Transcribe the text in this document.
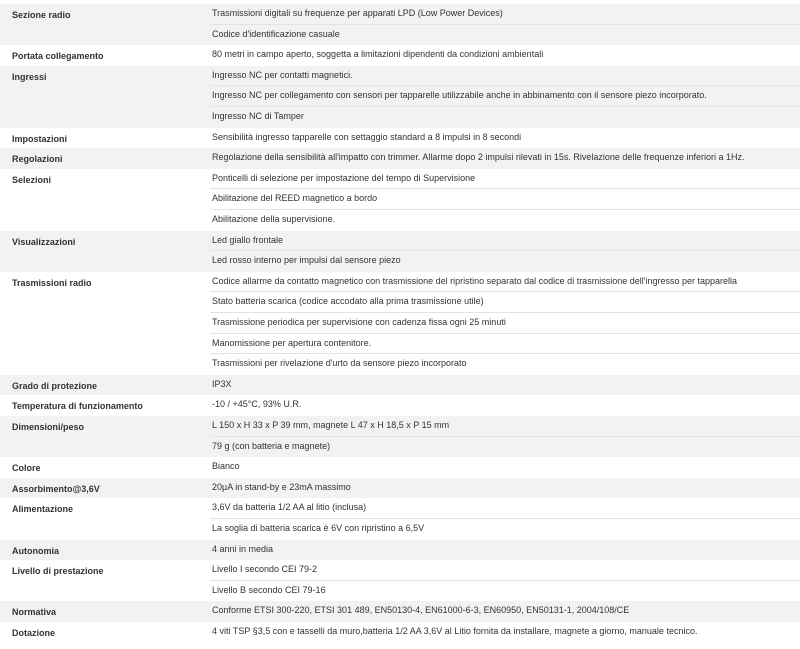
Sezione radio	Trasmissioni digitali su frequenze per apparati LPD (Low Power Devices)
Codice d'identificazione casuale
Portata collegamento	80 metri in campo aperto, soggetta a limitazioni dipendenti da condizioni ambientali
Ingressi	Ingresso NC per contatti magnetici.
Ingresso NC per collegamento con sensori per tapparelle utilizzabile anche in abbinamento con il sensore piezo incorporato.
Ingresso NC di Tamper
Impostazioni	Sensibilità ingresso tapparelle con settaggio standard a 8 impulsi in 8 secondi
Regolazioni	Regolazione della sensibilità all'impatto con trimmer. Allarme dopo 2 impulsi rilevati in 15s. Rivelazione delle frequenze inferiori a 1Hz.
Selezioni	Ponticelli di selezione per impostazione del tempo di Supervisione
Abilitazione del REED magnetico a bordo
Abilitazione della supervisione.
Visualizzazioni	Led giallo frontale
Led rosso interno per impulsi dal sensore piezo
Trasmissioni radio	Codice allarme da contatto magnetico con trasmissione del ripristino separato dal codice di trasmissione dell'ingresso per tapparella
Stato batteria scarica (codice accodato alla prima trasmissione utile)
Trasmissione periodica per supervisione con cadenza fissa ogni 25 minuti
Manomissione per apertura contenitore.
Trasmissioni per rivelazione d'urto da sensore piezo incorporato
Grado di protezione	IP3X
Temperatura di funzionamento	-10 / +45°C, 93% U.R.
Dimensioni/peso	L 150 x H 33 x P 39 mm, magnete L 47 x H 18,5 x P 15 mm
79 g (con batteria e magnete)
Colore	Bianco
Assorbimento@3,6V	20µA in stand-by e 23mA massimo
Alimentazione	3,6V da batteria 1/2 AA al litio (inclusa)
La soglia di batteria scarica è 6V con ripristino a 6,5V
Autonomia	4 anni in media
Livello di prestazione	Livello I secondo CEI 79-2
Livello B secondo CEI 79-16
Normativa	Conforme ETSI 300-220, ETSI 301 489, EN50130-4, EN61000-6-3, EN60950, EN50131-1, 2004/108/CE
Dotazione	4 viti TSP §3,5 con e tasselli da muro,batteria 1/2 AA 3,6V al Litio fornita da installare, magnete a giorno, manuale tecnico.
